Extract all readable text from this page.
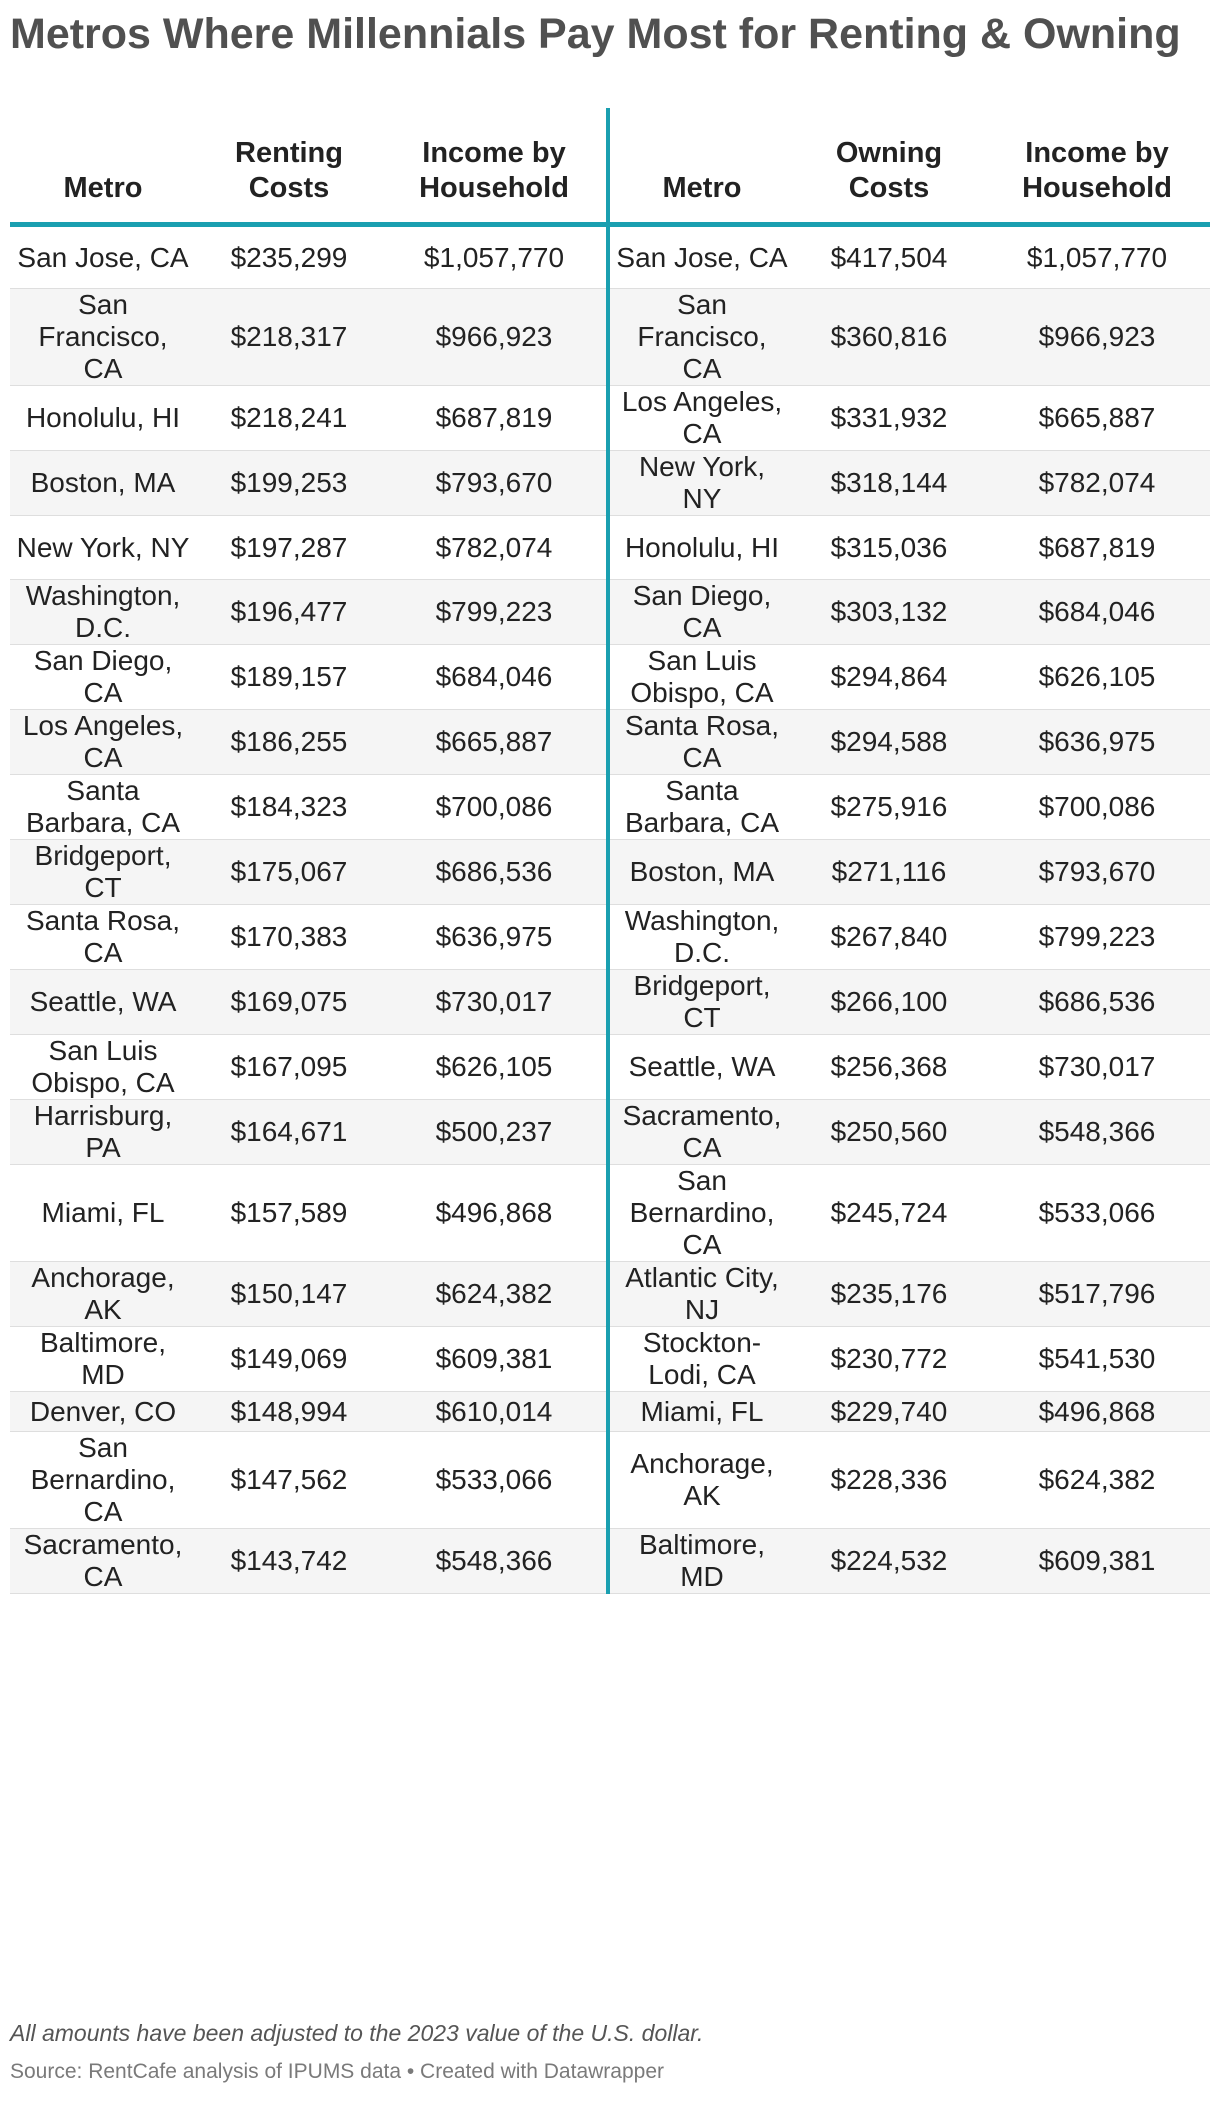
Metros Where Millennials Pay Most for Renting & Owning
Metro	Renting Costs	Income by Household	Metro	Owning Costs	Income by Household
San Jose, CA	$235,299	$1,057,770	San Jose, CA	$417,504	$1,057,770
San Francisco, CA	$218,317	$966,923	San Francisco, CA	$360,816	$966,923
Honolulu, HI	$218,241	$687,819	Los Angeles, CA	$331,932	$665,887
Boston, MA	$199,253	$793,670	New York, NY	$318,144	$782,074
New York, NY	$197,287	$782,074	Honolulu, HI	$315,036	$687,819
Washington, D.C.	$196,477	$799,223	San Diego, CA	$303,132	$684,046
San Diego, CA	$189,157	$684,046	San Luis Obispo, CA	$294,864	$626,105
Los Angeles, CA	$186,255	$665,887	Santa Rosa, CA	$294,588	$636,975
Santa Barbara, CA	$184,323	$700,086	Santa Barbara, CA	$275,916	$700,086
Bridgeport, CT	$175,067	$686,536	Boston, MA	$271,116	$793,670
Santa Rosa, CA	$170,383	$636,975	Washington, D.C.	$267,840	$799,223
Seattle, WA	$169,075	$730,017	Bridgeport, CT	$266,100	$686,536
San Luis Obispo, CA	$167,095	$626,105	Seattle, WA	$256,368	$730,017
Harrisburg, PA	$164,671	$500,237	Sacramento, CA	$250,560	$548,366
Miami, FL	$157,589	$496,868	San Bernardino, CA	$245,724	$533,066
Anchorage, AK	$150,147	$624,382	Atlantic City, NJ	$235,176	$517,796
Baltimore, MD	$149,069	$609,381	Stockton-Lodi, CA	$230,772	$541,530
Denver, CO	$148,994	$610,014	Miami, FL	$229,740	$496,868
San Bernardino, CA	$147,562	$533,066	Anchorage, AK	$228,336	$624,382
Sacramento, CA	$143,742	$548,366	Baltimore, MD	$224,532	$609,381
All amounts have been adjusted to the 2023 value of the U.S. dollar.
Source: RentCafe analysis of IPUMS data • Created with Datawrapper
